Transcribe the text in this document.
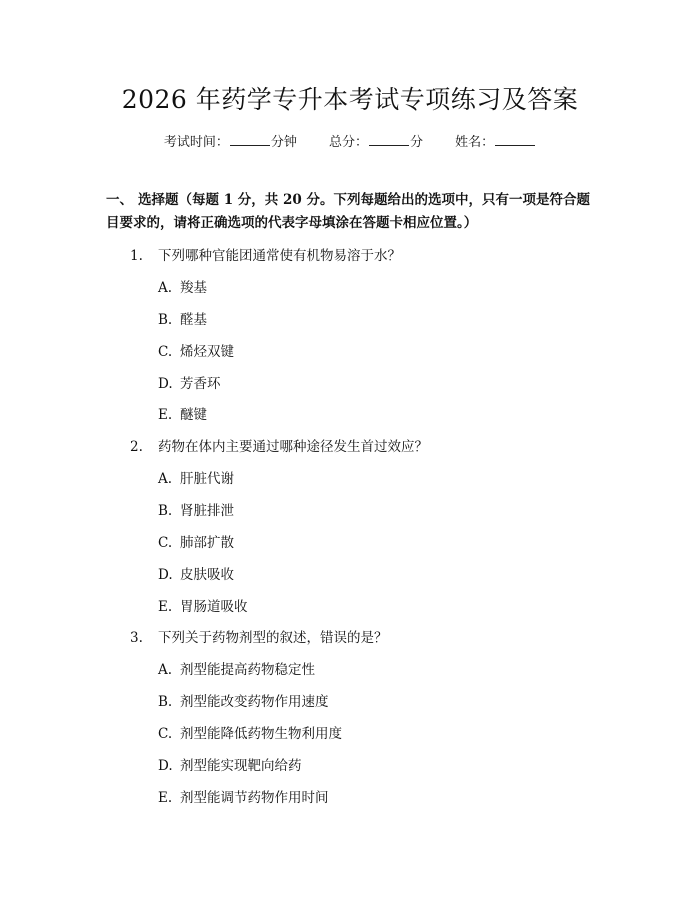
2026 年药学专升本考试专项练习及答案
考试时间：	分钟 总分：	分 姓名：
一、 选择题（每题 1 分，共 20 分。下列每题给出的选项中，只有一项是符合题目要求的，请将正确选项的代表字母填涂在答题卡相应位置。）
1. 下列哪种官能团通常使有机物易溶于水？
A. 羧基
B. 醛基
C. 烯烃双键
D. 芳香环
E. 醚键
2. 药物在体内主要通过哪种途径发生首过效应？
A. 肝脏代谢
B. 肾脏排泄
C. 肺部扩散
D. 皮肤吸收
E. 胃肠道吸收
3. 下列关于药物剂型的叙述，错误的是？
A. 剂型能提高药物稳定性
B. 剂型能改变药物作用速度
C. 剂型能降低药物生物利用度
D. 剂型能实现靶向给药
E. 剂型能调节药物作用时间
